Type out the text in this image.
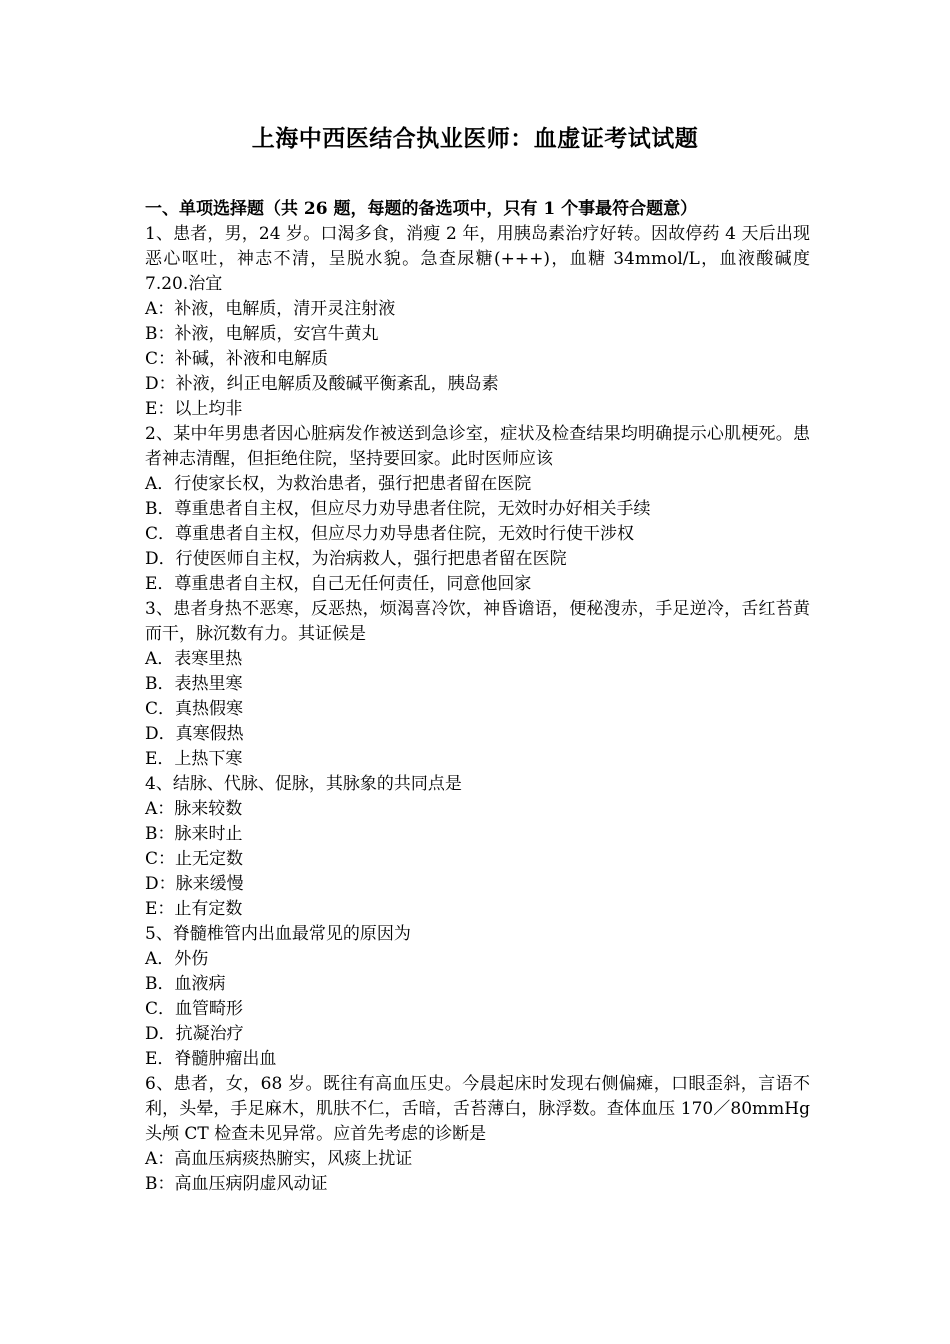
上海中西医结合执业医师：血虚证考试试题
一、单项选择题（共 26 题，每题的备选项中，只有 1 个事最符合题意）
1、患者，男，24 岁。口渴多食，消瘦 2 年，用胰岛素治疗好转。因故停药 4 天后出现恶心呕吐，神志不清，呈脱水貌。急查尿糖(+++)，血糖 34mmol/L，血液酸碱度 7.20.治宜
A：补液，电解质，清开灵注射液
B：补液，电解质，安宫牛黄丸
C：补碱，补液和电解质
D：补液，纠正电解质及酸碱平衡紊乱，胰岛素
E：以上均非
2、某中年男患者因心脏病发作被送到急诊室，症状及检查结果均明确提示心肌梗死。患者神志清醒，但拒绝住院，坚持要回家。此时医师应该
A．行使家长权，为救治患者，强行把患者留在医院
B．尊重患者自主权，但应尽力劝导患者住院，无效时办好相关手续
C．尊重患者自主权，但应尽力劝导患者住院，无效时行使干涉权
D．行使医师自主权，为治病救人，强行把患者留在医院
E．尊重患者自主权，自己无任何责任，同意他回家
3、患者身热不恶寒，反恶热，烦渴喜冷饮，神昏谵语，便秘溲赤，手足逆冷，舌红苔黄而干，脉沉数有力。其证候是
A．表寒里热
B．表热里寒
C．真热假寒
D．真寒假热
E．上热下寒
4、结脉、代脉、促脉，其脉象的共同点是
A：脉来较数
B：脉来时止
C：止无定数
D：脉来缓慢
E：止有定数
5、脊髓椎管内出血最常见的原因为
A．外伤
B．血液病
C．血管畸形
D．抗凝治疗
E．脊髓肿瘤出血
6、患者，女，68 岁。既往有高血压史。今晨起床时发现右侧偏瘫，口眼歪斜，言语不利，头晕，手足麻木，肌肤不仁，舌暗，舌苔薄白，脉浮数。查体血压 170／80mmHg 头颅 CT 检查未见异常。应首先考虑的诊断是
A：高血压病痰热腑实，风痰上扰证
B：高血压病阴虚风动证
